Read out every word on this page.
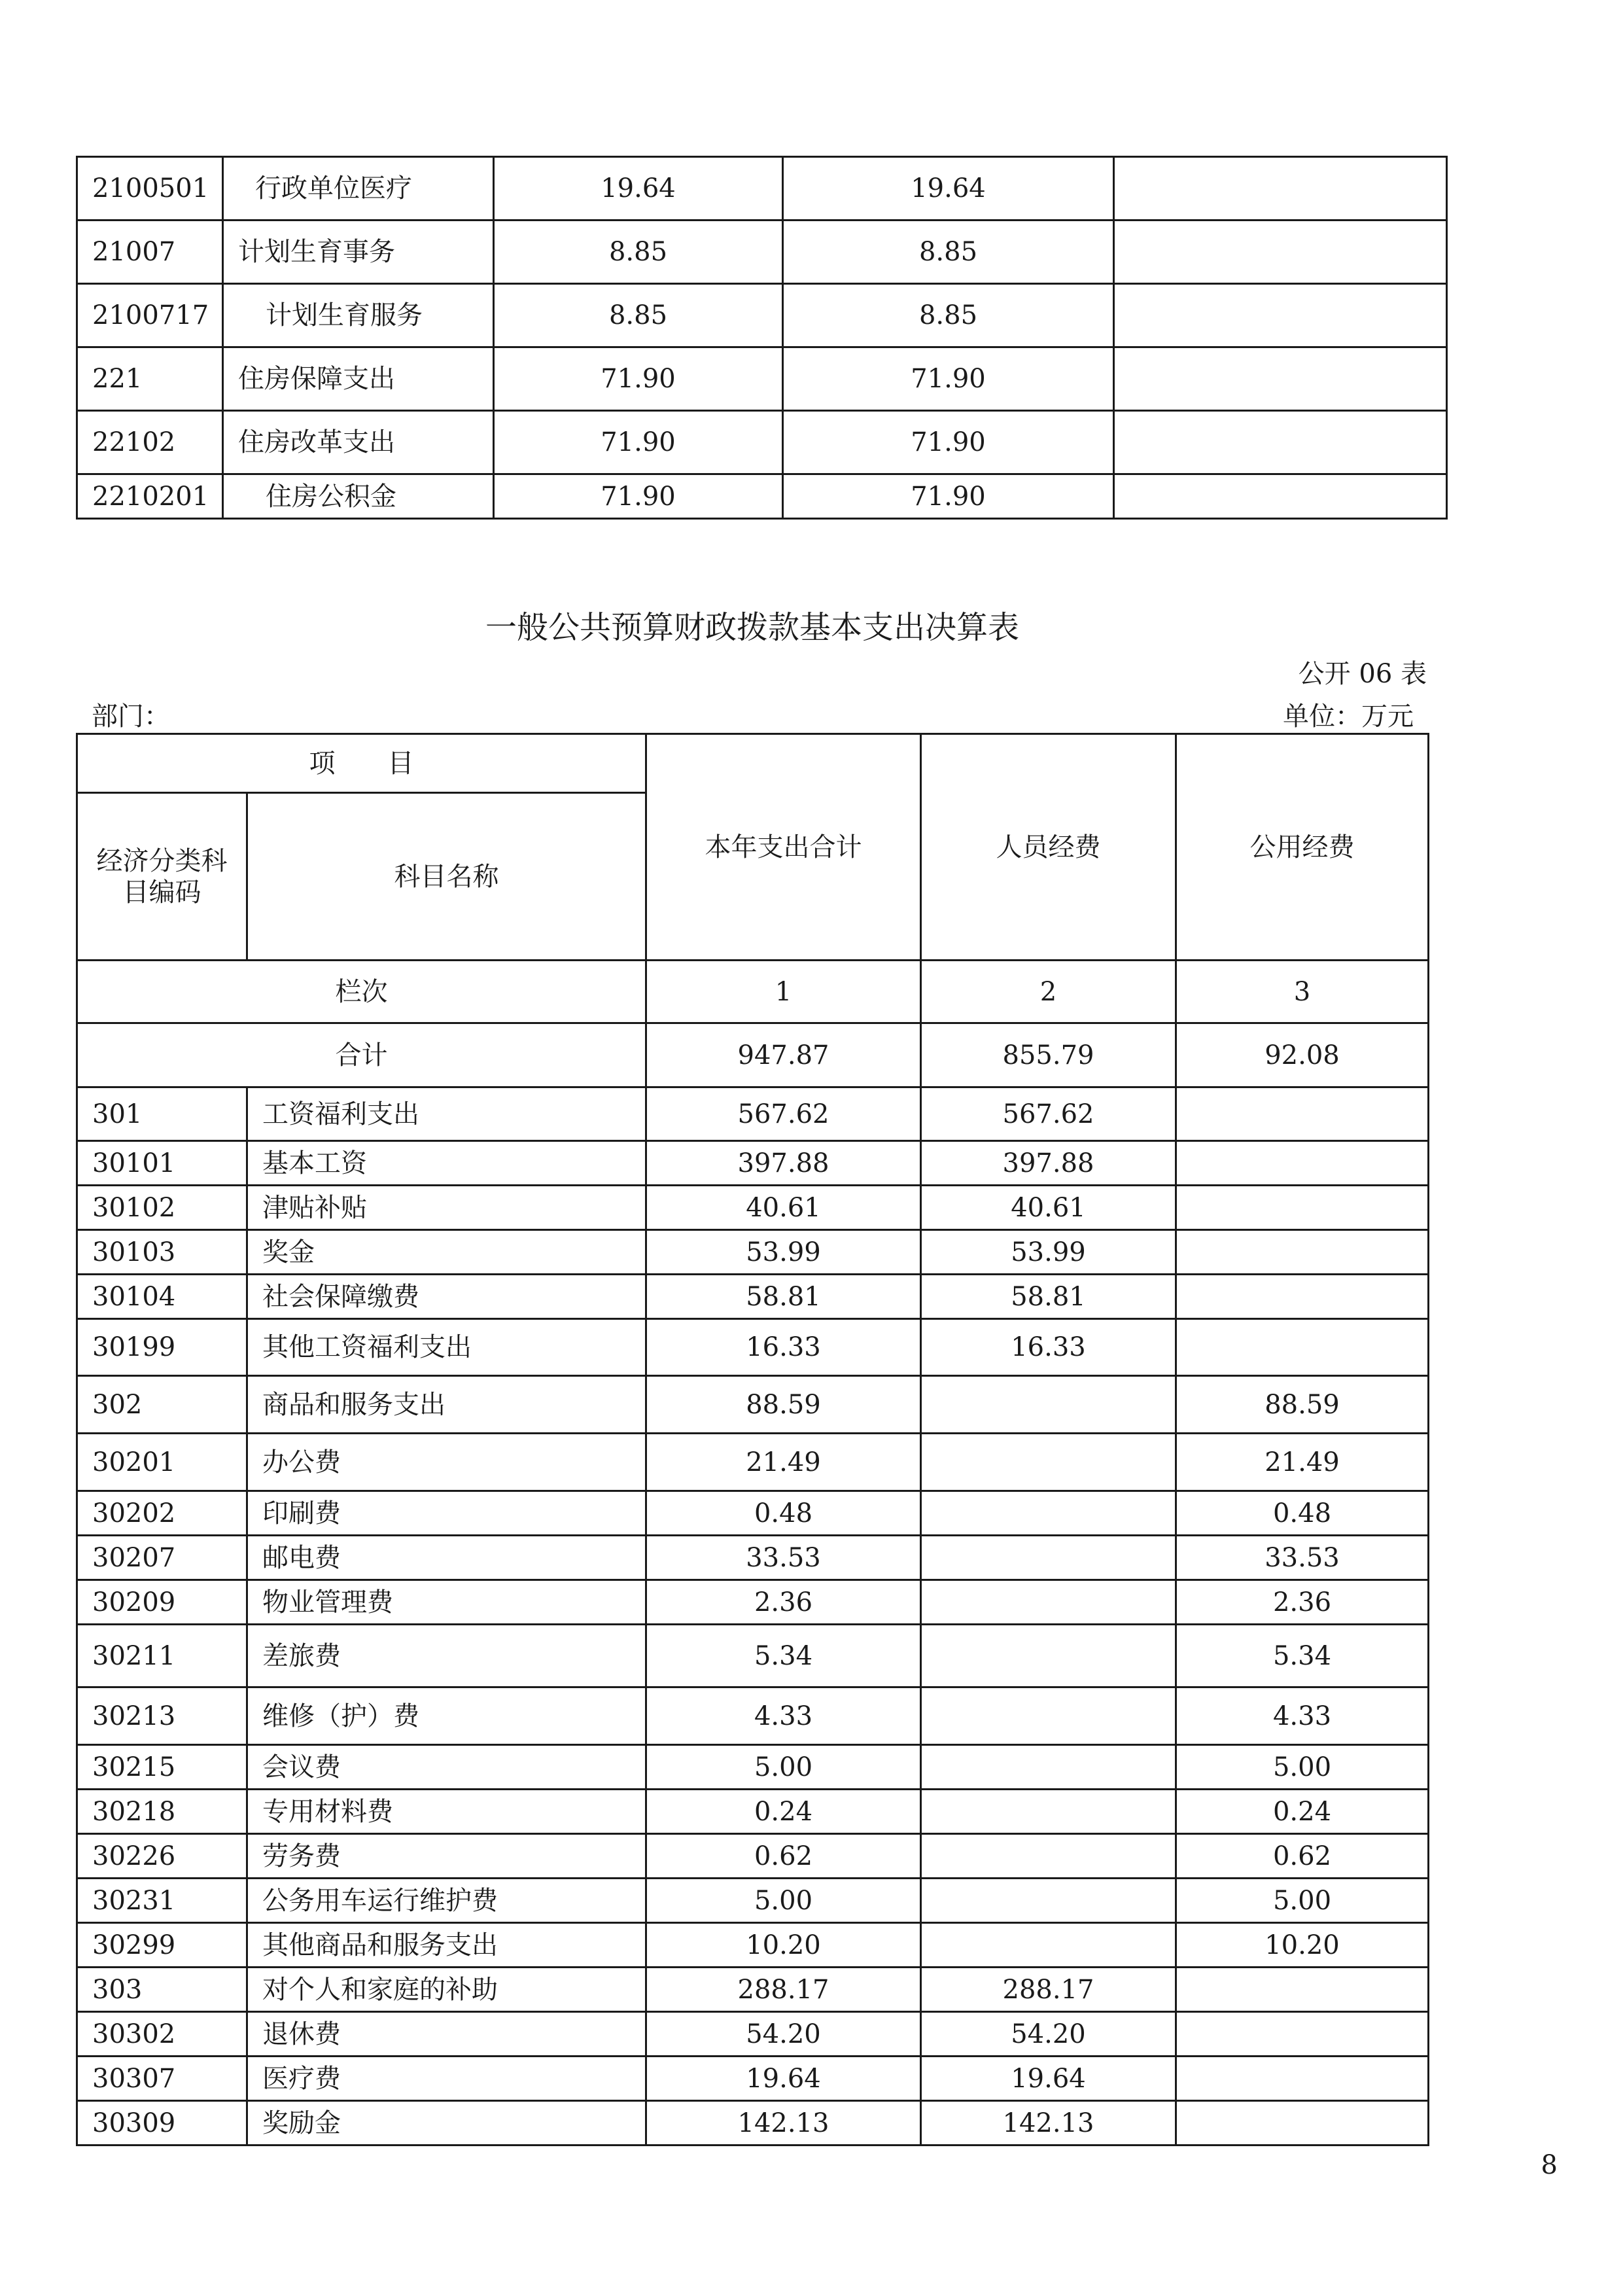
2100501	行政单位医疗	19.64	19.64	
21007	计划生育事务	8.85	8.85	
2100717	计划生育服务	8.85	8.85	
221	住房保障支出	71.90	71.90	
22102	住房改革支出	71.90	71.90	
2210201	住房公积金	71.90	71.90	
一般公共预算财政拨款基本支出决算表
公开 06 表
部门：	单位：万元
项　　目		本年支出合计	人员经费	公用经费
经济分类科目编码	科目名称			
栏次		1	2	3
合计		947.87	855.79	92.08
301	工资福利支出	567.62	567.62	
30101	基本工资	397.88	397.88	
30102	津贴补贴	40.61	40.61	
30103	奖金	53.99	53.99	
30104	社会保障缴费	58.81	58.81	
30199	其他工资福利支出	16.33	16.33	
302	商品和服务支出	88.59		88.59
30201	办公费	21.49		21.49
30202	印刷费	0.48		0.48
30207	邮电费	33.53		33.53
30209	物业管理费	2.36		2.36
30211	差旅费	5.34		5.34
30213	维修（护）费	4.33		4.33
30215	会议费	5.00		5.00
30218	专用材料费	0.24		0.24
30226	劳务费	0.62		0.62
30231	公务用车运行维护费	5.00		5.00
30299	其他商品和服务支出	10.20		10.20
303	对个人和家庭的补助	288.17	288.17	
30302	退休费	54.20	54.20	
30307	医疗费	19.64	19.64	
30309	奖励金	142.13	142.13	
8
